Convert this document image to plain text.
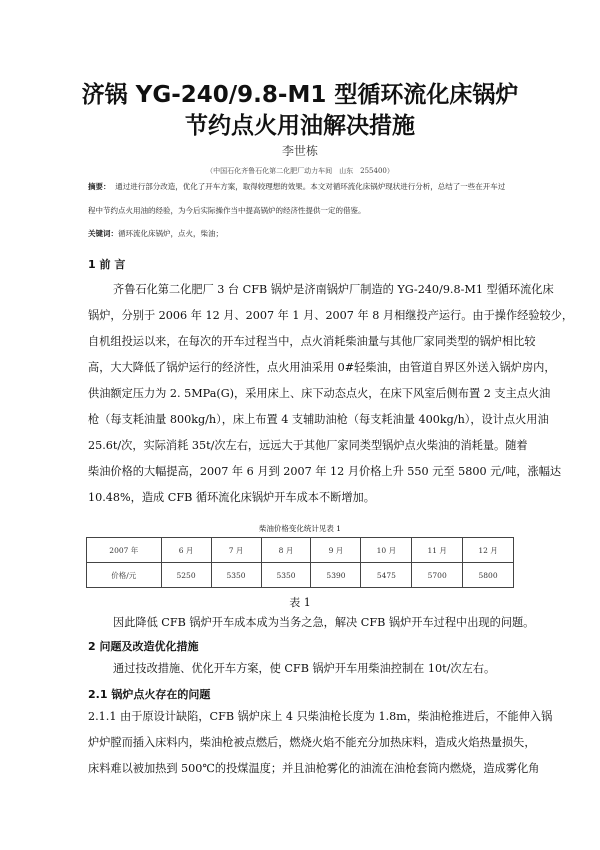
济锅 YG-240/9.8-M1 型循环流化床锅炉
节约点火用油解决措施
李世栋
（中国石化齐鲁石化第二化肥厂动力车间　山东　255400）
摘要： 通过进行部分改造，优化了开车方案，取得较理想的效果。本文对循环流化床锅炉现状进行分析，总结了一些在开车过
程中节约点火用油的经验，为今后实际操作当中提高锅炉的经济性提供一定的借鉴。
关键词：循环流化床锅炉，点火，柴油；
1 前 言
齐鲁石化第二化肥厂 3 台 CFB 锅炉是济南锅炉厂制造的 YG-240/9.8-M1 型循环流化床
锅炉，分别于 2006 年 12 月、2007 年 1 月、2007 年 8 月相继投产运行。由于操作经验较少，
自机组投运以来，在每次的开车过程当中，点火消耗柴油量与其他厂家同类型的锅炉相比较
高，大大降低了锅炉运行的经济性，点火用油采用 0#轻柴油，由管道自界区外送入锅炉房内，
供油额定压力为 2. 5MPa(G)，采用床上、床下动态点火，在床下风室后侧布置 2 支主点火油
枪（每支耗油量 800kg/h），床上布置 4 支辅助油枪（每支耗油量 400kg/h），设计点火用油
25.6t/次，实际消耗 35t/次左右，远远大于其他厂家同类型锅炉点火柴油的消耗量。随着
柴油价格的大幅提高，2007 年 6 月到 2007 年 12 月价格上升 550 元至 5800 元/吨，涨幅达
10.48%，造成 CFB 循环流化床锅炉开车成本不断增加。
柴油价格变化统计见表 1
2007 年	6 月	7 月	8 月	9 月	10 月	11 月	12 月
价格/元	5250	5350	5350	5390	5475	5700	5800
表 1
因此降低 CFB 锅炉开车成本成为当务之急，解决 CFB 锅炉开车过程中出现的问题。
2 问题及改造优化措施
通过技改措施、优化开车方案，使 CFB 锅炉开车用柴油控制在 10t/次左右。
2.1 锅炉点火存在的问题
2.1.1 由于原设计缺陷，CFB 锅炉床上 4 只柴油枪长度为 1.8m，柴油枪推进后，不能伸入锅
炉炉膛而插入床料内，柴油枪被点燃后，燃烧火焰不能充分加热床料，造成火焰热量损失，
床料难以被加热到 500℃的投煤温度；并且油枪雾化的油流在油枪套筒内燃烧，造成雾化角
